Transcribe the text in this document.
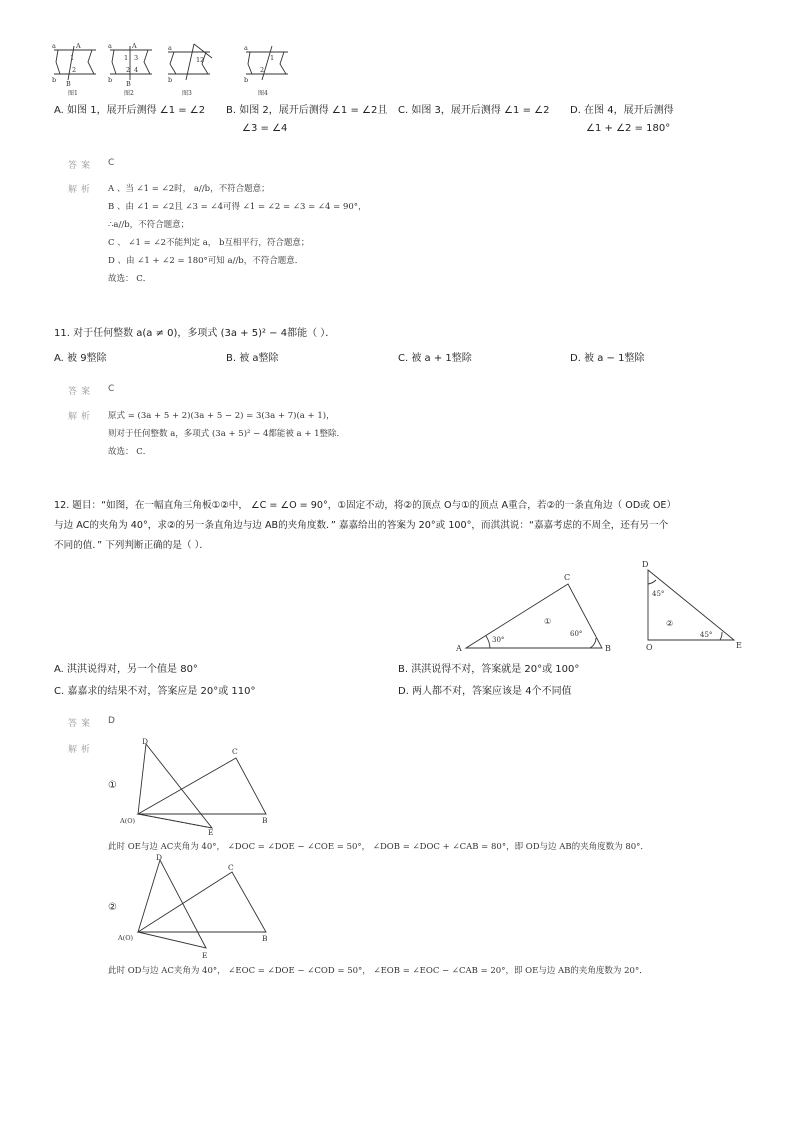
a
b
A
B
1
2
a
b
A
B
1 3
2 4
a
b
1 2
a
b
1
2
图1	图2	图3	图4
A. 如图 1，展开后测得 ∠1 = ∠2 B. 如图 2，展开后测得 ∠1 = ∠2且
∠3 = ∠4
C. 如图 3，展开后测得 ∠1 = ∠2 D. 在图 4，展开后测得
∠1 + ∠2 = 180°
答案 C
解析 A 、当 ∠1 = ∠2时， a//b，不符合题意；
B 、由 ∠1 = ∠2且 ∠3 = ∠4可得 ∠1 = ∠2 = ∠3 = ∠4 = 90°，
∴a//b，不符合题意；
C 、 ∠1 = ∠2不能判定 a， b互相平行，符合题意；
D 、由 ∠1 + ∠2 = 180°可知 a//b，不符合题意．
故选： C．
11. 对于任何整数 a(a ≠ 0)，多项式 (3a + 5)² − 4都能（ ）．
A. 被 9整除	B. 被 a整除	C. 被 a + 1整除	D. 被 a − 1整除
答案 C
解析 原式 = (3a + 5 + 2)(3a + 5 − 2) = 3(3a + 7)(a + 1)，
则对于任何整数 a，多项式 (3a + 5)² − 4都能被 a + 1整除．
故选： C．
12. 题目：“如图，在一幅直角三角板①②中， ∠C = ∠O = 90°，①固定不动，将②的顶点 O与①的顶点 A重合，若②的一条直角边（ OD或 OE）
与边 AC的夹角为 40°，求②的另一条直角边与边 AB的夹角度数．” 嘉嘉给出的答案为 20°或 100°，而淇淇说：“嘉嘉考虑的不周全，还有另一个
不同的值．” 下列判断正确的是（ ）．
A	B
C
①
30°
60°
D
O	E
②
45°
45°
A. 淇淇说得对，另一个值是 80°	B. 淇淇说得不对，答案就是 20°或 100°
C. 嘉嘉求的结果不对，答案应是 20°或 110°	D. 两人都不对，答案应该是 4个不同值
答案 D
解析
①
D
C
A(O)
E
B
此时 OE与边 AC夹角为 40°， ∠DOC = ∠DOE − ∠COE = 50°， ∠DOB = ∠DOC + ∠CAB = 80°，即 OD与边 AB的夹角度数为 80°．
②
D
C
A(O)
E
B
此时 OD与边 AC夹角为 40°， ∠EOC = ∠DOE − ∠COD = 50°， ∠EOB = ∠EOC − ∠CAB = 20°，即 OE与边 AB的夹角度数为 20°．
